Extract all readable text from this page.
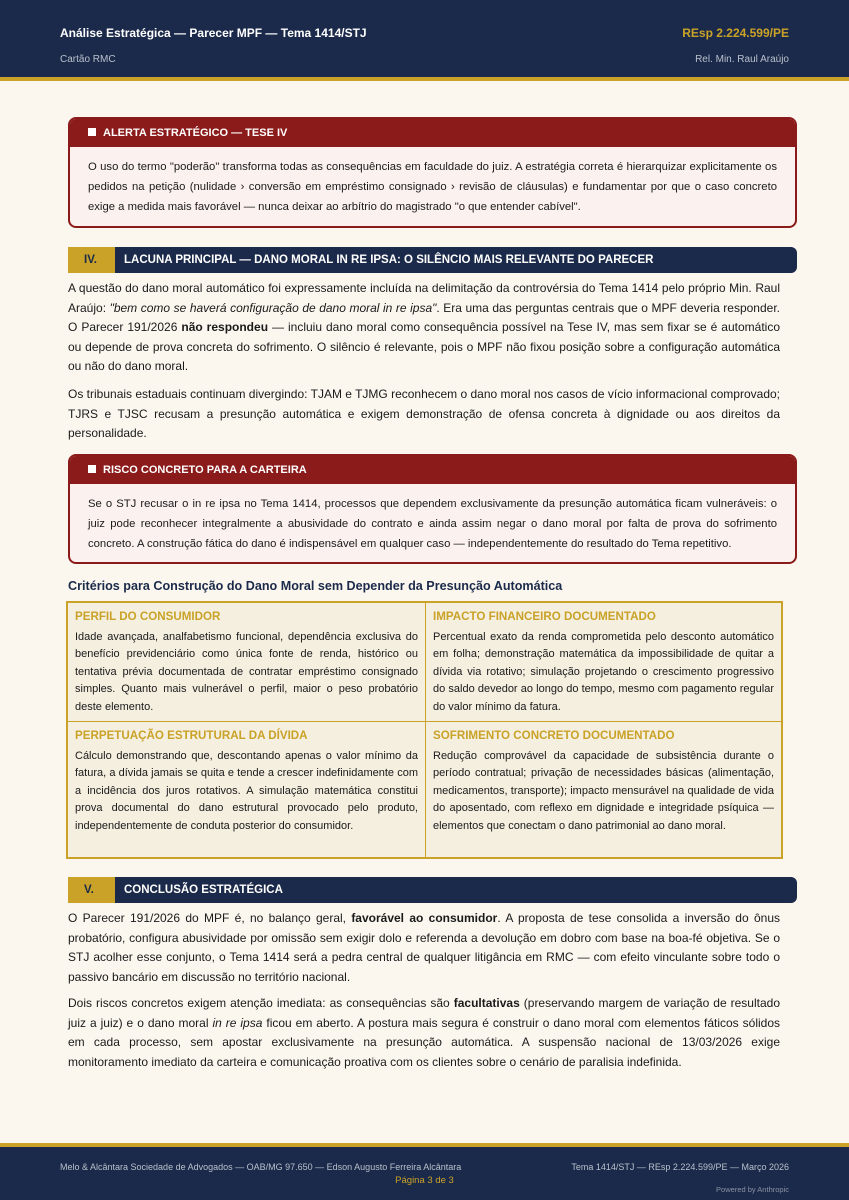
Análise Estratégica — Parecer MPF — Tema 1414/STJ
Cartão RMC
REsp 2.224.599/PE
Rel. Min. Raul Araújo
ALERTA ESTRATÉGICO — TESE IV
O uso do termo "poderão" transforma todas as consequências em faculdade do juiz. A estratégia correta é hierarquizar explicitamente os pedidos na petição (nulidade › conversão em empréstimo consignado › revisão de cláusulas) e fundamentar por que o caso concreto exige a medida mais favorável — nunca deixar ao arbítrio do magistrado "o que entender cabível".
IV.	LACUNA PRINCIPAL — DANO MORAL IN RE IPSA: O SILÊNCIO MAIS RELEVANTE DO PARECER
A questão do dano moral automático foi expressamente incluída na delimitação da controvérsia do Tema 1414 pelo próprio Min. Raul Araújo: "bem como se haverá configuração de dano moral in re ipsa". Era uma das perguntas centrais que o MPF deveria responder. O Parecer 191/2026 não respondeu — incluiu dano moral como consequência possível na Tese IV, mas sem fixar se é automático ou depende de prova concreta do sofrimento. O silêncio é relevante, pois o MPF não fixou posição sobre a configuração automática ou não do dano moral.
Os tribunais estaduais continuam divergindo: TJAM e TJMG reconhecem o dano moral nos casos de vício informacional comprovado; TJRS e TJSC recusam a presunção automática e exigem demonstração de ofensa concreta à dignidade ou aos direitos da personalidade.
RISCO CONCRETO PARA A CARTEIRA
Se o STJ recusar o in re ipsa no Tema 1414, processos que dependem exclusivamente da presunção automática ficam vulneráveis: o juiz pode reconhecer integralmente a abusividade do contrato e ainda assim negar o dano moral por falta de prova do sofrimento concreto. A construção fática do dano é indispensável em qualquer caso — independentemente do resultado do Tema repetitivo.
Critérios para Construção do Dano Moral sem Depender da Presunção Automática
PERFIL DO CONSUMIDOR
Idade avançada, analfabetismo funcional, dependência exclusiva do benefício previdenciário como única fonte de renda, histórico ou tentativa prévia documentada de contratar empréstimo consignado simples. Quanto mais vulnerável o perfil, maior o peso probatório deste elemento.
IMPACTO FINANCEIRO DOCUMENTADO
Percentual exato da renda comprometida pelo desconto automático em folha; demonstração matemática da impossibilidade de quitar a dívida via rotativo; simulação projetando o crescimento progressivo do saldo devedor ao longo do tempo, mesmo com pagamento regular do valor mínimo da fatura.
PERPETUAÇÃO ESTRUTURAL DA DÍVIDA
Cálculo demonstrando que, descontando apenas o valor mínimo da fatura, a dívida jamais se quita e tende a crescer indefinidamente com a incidência dos juros rotativos. A simulação matemática constitui prova documental do dano estrutural provocado pelo produto, independentemente de conduta posterior do consumidor.
SOFRIMENTO CONCRETO DOCUMENTADO
Redução comprovável da capacidade de subsistência durante o período contratual; privação de necessidades básicas (alimentação, medicamentos, transporte); impacto mensurável na qualidade de vida do aposentado, com reflexo em dignidade e integridade psíquica — elementos que conectam o dano patrimonial ao dano moral.
V.	CONCLUSÃO ESTRATÉGICA
O Parecer 191/2026 do MPF é, no balanço geral, favorável ao consumidor. A proposta de tese consolida a inversão do ônus probatório, configura abusividade por omissão sem exigir dolo e referenda a devolução em dobro com base na boa-fé objetiva. Se o STJ acolher esse conjunto, o Tema 1414 será a pedra central de qualquer litigância em RMC — com efeito vinculante sobre todo o passivo bancário em discussão no território nacional.
Dois riscos concretos exigem atenção imediata: as consequências são facultativas (preservando margem de variação de resultado juiz a juiz) e o dano moral in re ipsa ficou em aberto. A postura mais segura é construir o dano moral com elementos fáticos sólidos em cada processo, sem apostar exclusivamente na presunção automática. A suspensão nacional de 13/03/2026 exige monitoramento imediato da carteira e comunicação proativa com os clientes sobre o cenário de paralisia indefinida.
Melo & Alcântara Sociedade de Advogados — OAB/MG 97.650 — Edson Augusto Ferreira Alcântara	Tema 1414/STJ — REsp 2.224.599/PE — Março 2026
Página 3 de 3
Powered by Anthropic
